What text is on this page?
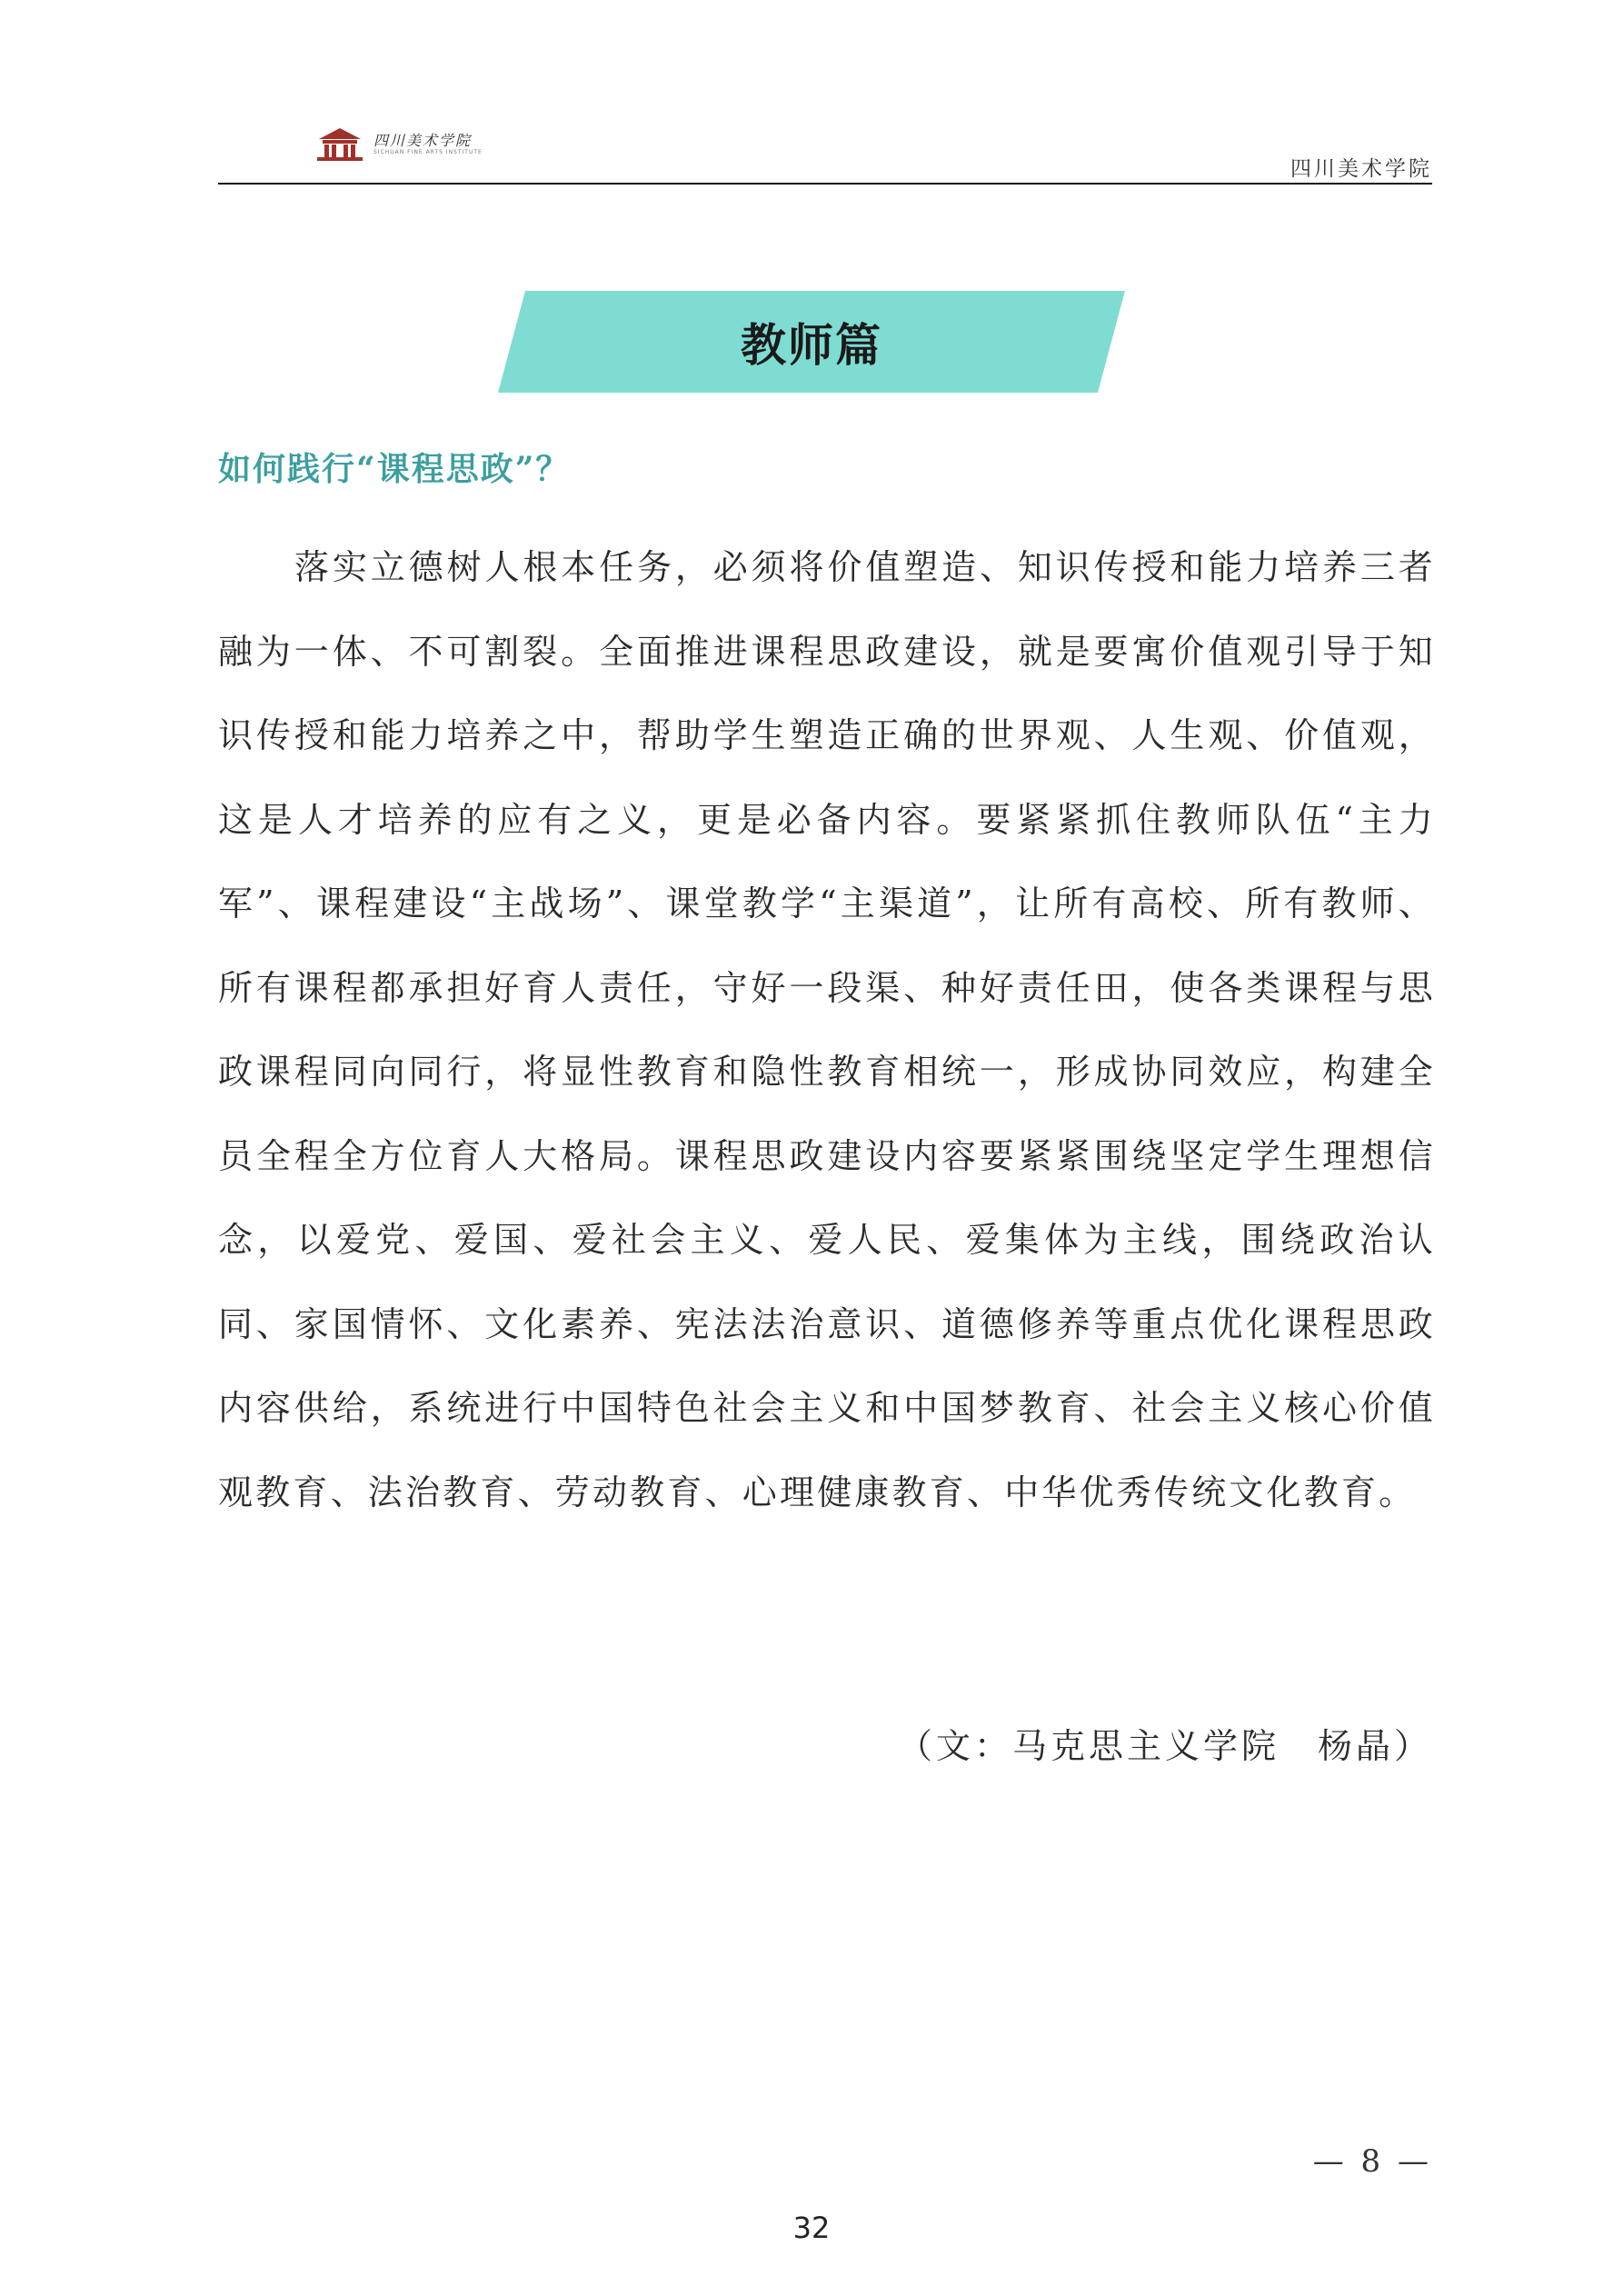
四川美术学院
SICHUAN FINE ARTS INSTITUTE
四川美术学院
教师篇
如何践行“课程思政”？
落实立德树人根本任务，必须将价值塑造、知识传授和能力培养三者融为一体、不可割裂。全面推进课程思政建设，就是要寓价值观引导于知识传授和能力培养之中，帮助学生塑造正确的世界观、人生观、价值观，这是人才培养的应有之义，更是必备内容。要紧紧抓住教师队伍“主力军”、课程建设“主战场”、课堂教学“主渠道”，让所有高校、所有教师、所有课程都承担好育人责任，守好一段渠、种好责任田，使各类课程与思政课程同向同行，将显性教育和隐性教育相统一，形成协同效应，构建全员全程全方位育人大格局。课程思政建设内容要紧紧围绕坚定学生理想信念，以爱党、爱国、爱社会主义、爱人民、爱集体为主线，围绕政治认同、家国情怀、文化素养、宪法法治意识、道德修养等重点优化课程思政内容供给，系统进行中国特色社会主义和中国梦教育、社会主义核心价值观教育、法治教育、劳动教育、心理健康教育、中华优秀传统文化教育。
（文：马克思主义学院　杨晶）
— 8 —
32
